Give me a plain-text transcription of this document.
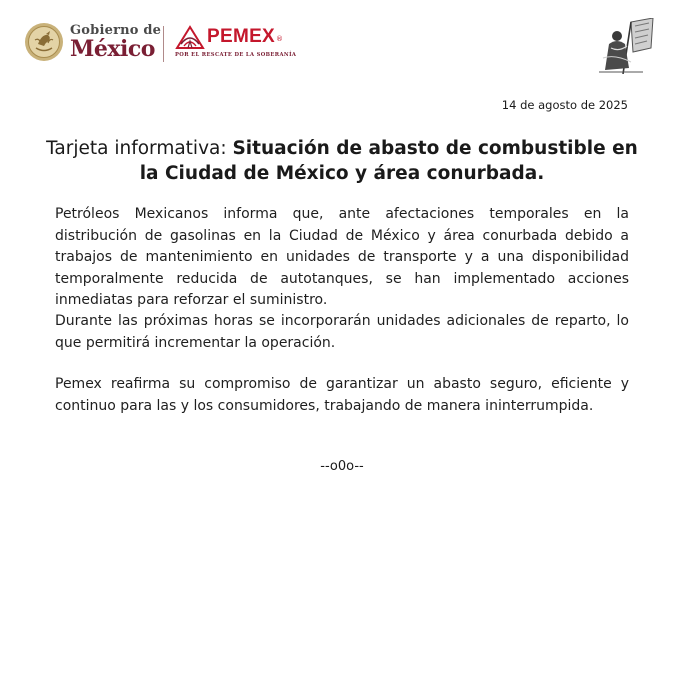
Gobierno de
México	PEMEX ®
POR EL RESCATE DE LA SOBERANÍA
14 de agosto de 2025
Tarjeta informativa: Situación de abasto de combustible en la Ciudad de México y área conurbada.
Petróleos Mexicanos informa que, ante afectaciones temporales en la distribución de gasolinas en la Ciudad de México y área conurbada debido a trabajos de mantenimiento en unidades de transporte y a una disponibilidad temporalmente reducida de autotanques, se han implementado acciones inmediatas para reforzar el suministro.
Durante las próximas horas se incorporarán unidades adicionales de reparto, lo que permitirá incrementar la operación.
Pemex reafirma su compromiso de garantizar un abasto seguro, eficiente y continuo para las y los consumidores, trabajando de manera ininterrumpida.
--o0o--
